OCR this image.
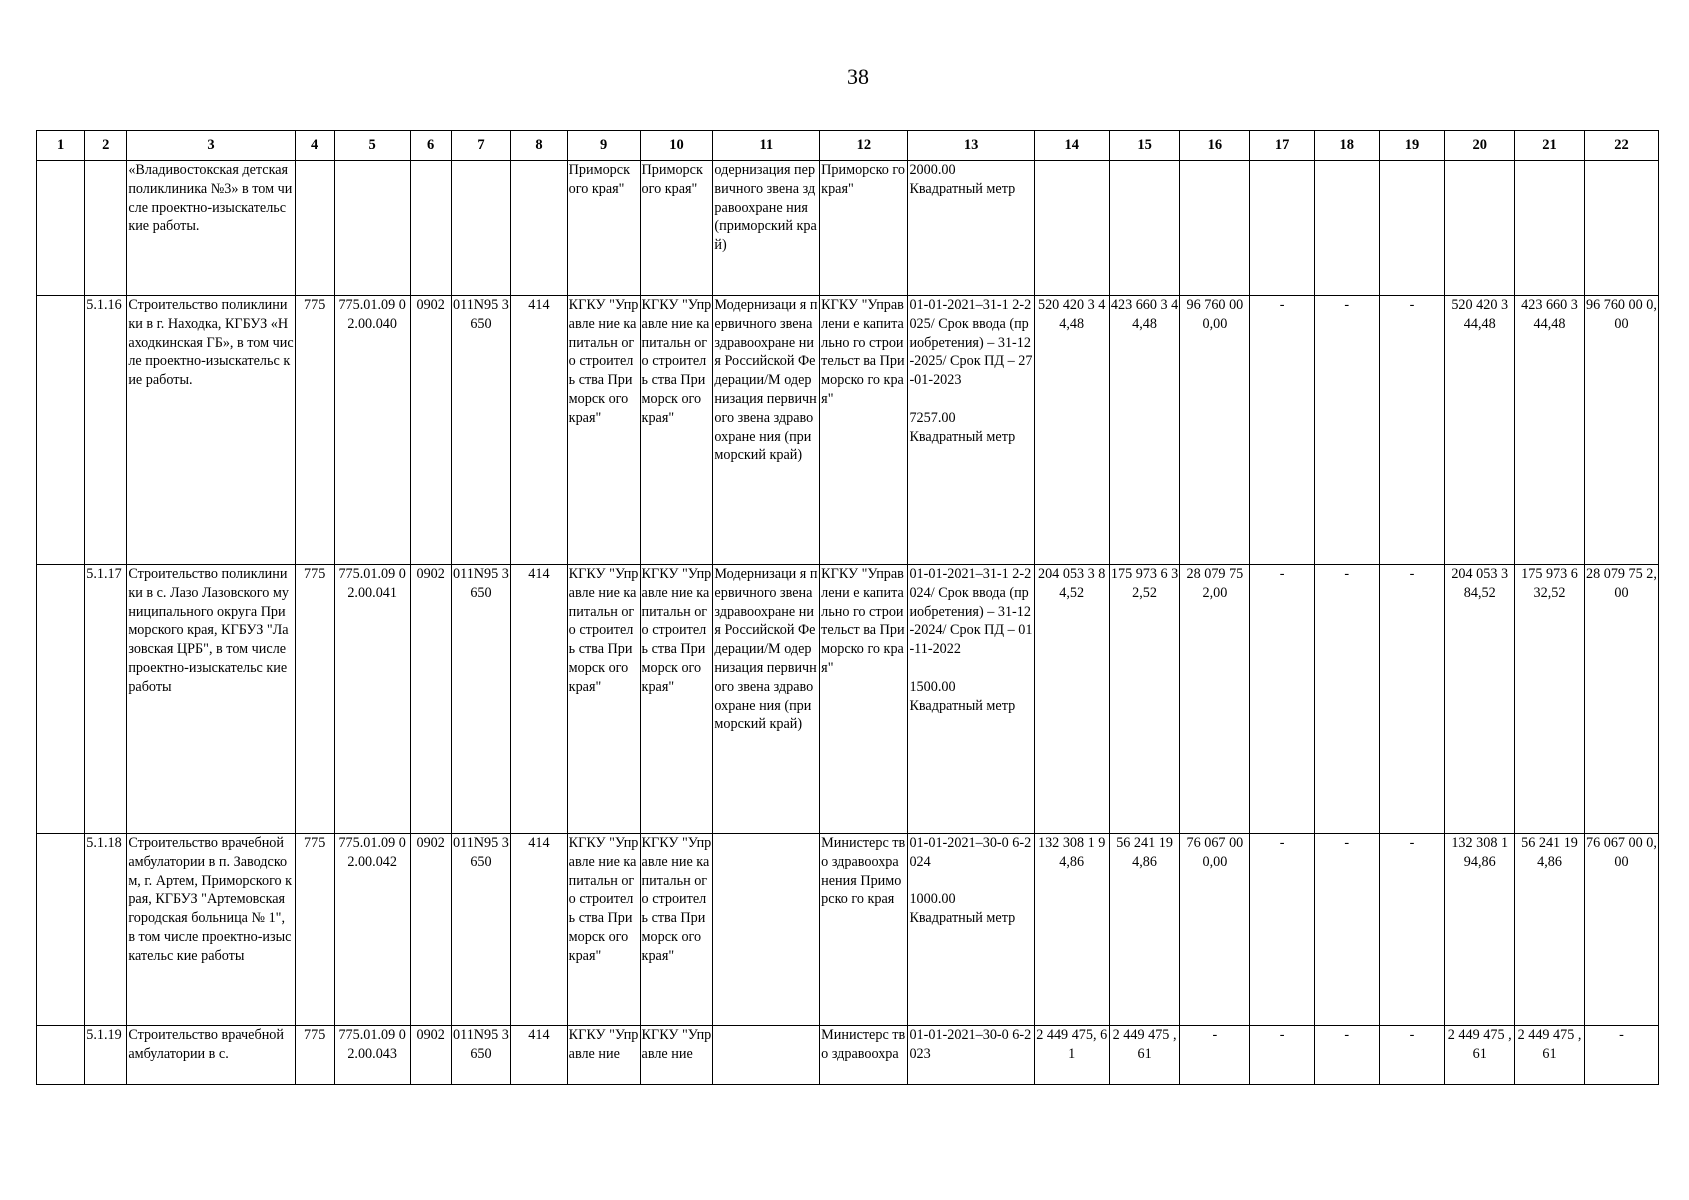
38
1	2	3	4	5	6	7	8	9	10	11	12	13	14	15	16	17	18	19	20	21	22
		«Владивостокская детская поликлиника №3» в том числе проектно-изыскательс кие работы.						Приморск ого края"	Приморск ого края"	одернизация первичного звена здравоохране ния (приморский край)	Приморско го края"	2000.00
Квадратный метр									
	5.1.16	Строительство поликлиники в г. Находка, КГБУЗ «Находкинская ГБ», в том числе проектно-изыскательс кие работы.	775	775.01.09 02.00.040	0902	011N95 3650	414	КГКУ "Управле ние капитальн ого строитель ства Приморск ого края"	КГКУ "Управле ние капитальн ого строитель ства Приморск ого края"	Модернизаци я первичного звена здравоохране ния Российской Федерации/М одернизация первичного звена здравоохране ния (приморский край)	КГКУ "Управлени е капитально го строительст ва Приморско го края"	01-01-2021–31-1 2-2025/ Срок ввода (приобретения) – 31-12-2025/ Срок ПД – 27-01-2023

7257.00
Квадратный метр	520 420 3 44,48	423 660 3 44,48	96 760 00 0,00	-	-	-	520 420 3 44,48	423 660 3 44,48	96 760 00 0,00
	5.1.17	Строительство поликлиники в с. Лазо Лазовского муниципального округа Приморского края, КГБУЗ "Лазовская ЦРБ", в том числе проектно-изыскательс кие работы	775	775.01.09 02.00.041	0902	011N95 3650	414	КГКУ "Управле ние капитальн ого строитель ства Приморск ого края"	КГКУ "Управле ние капитальн ого строитель ства Приморск ого края"	Модернизаци я первичного звена здравоохране ния Российской Федерации/М одернизация первичного звена здравоохране ния (приморский край)	КГКУ "Управлени е капитально го строительст ва Приморско го края"	01-01-2021–31-1 2-2024/ Срок ввода (приобретения) – 31-12-2024/ Срок ПД – 01-11-2022

1500.00
Квадратный метр	204 053 3 84,52	175 973 6 32,52	28 079 75 2,00	-	-	-	204 053 3 84,52	175 973 6 32,52	28 079 75 2,00
	5.1.18	Строительство врачебной амбулатории в п. Заводском, г. Артем, Приморского края, КГБУЗ "Артемовская городская больница № 1", в том числе проектно-изыскательс кие работы	775	775.01.09 02.00.042	0902	011N95 3650	414	КГКУ "Управле ние капитальн ого строитель ства Приморск ого края"	КГКУ "Управле ние капитальн ого строитель ства Приморск ого края"		Министерс тво здравоохра нения Приморско го края	01-01-2021–30-0 6-2024

1000.00
Квадратный метр	132 308 1 94,86	56 241 19 4,86	76 067 00 0,00	-	-	-	132 308 1 94,86	56 241 19 4,86	76 067 00 0,00
	5.1.19	Строительство врачебной амбулатории в с.	775	775.01.09 02.00.043	0902	011N95 3650	414	КГКУ "Управле ние	КГКУ "Управле ние		Министерс тво здравоохра	01-01-2021–30-0 6-2023	2 449 475, 61	2 449 475 ,61	-	-	-	-	2 449 475 ,61	2 449 475 ,61	-
